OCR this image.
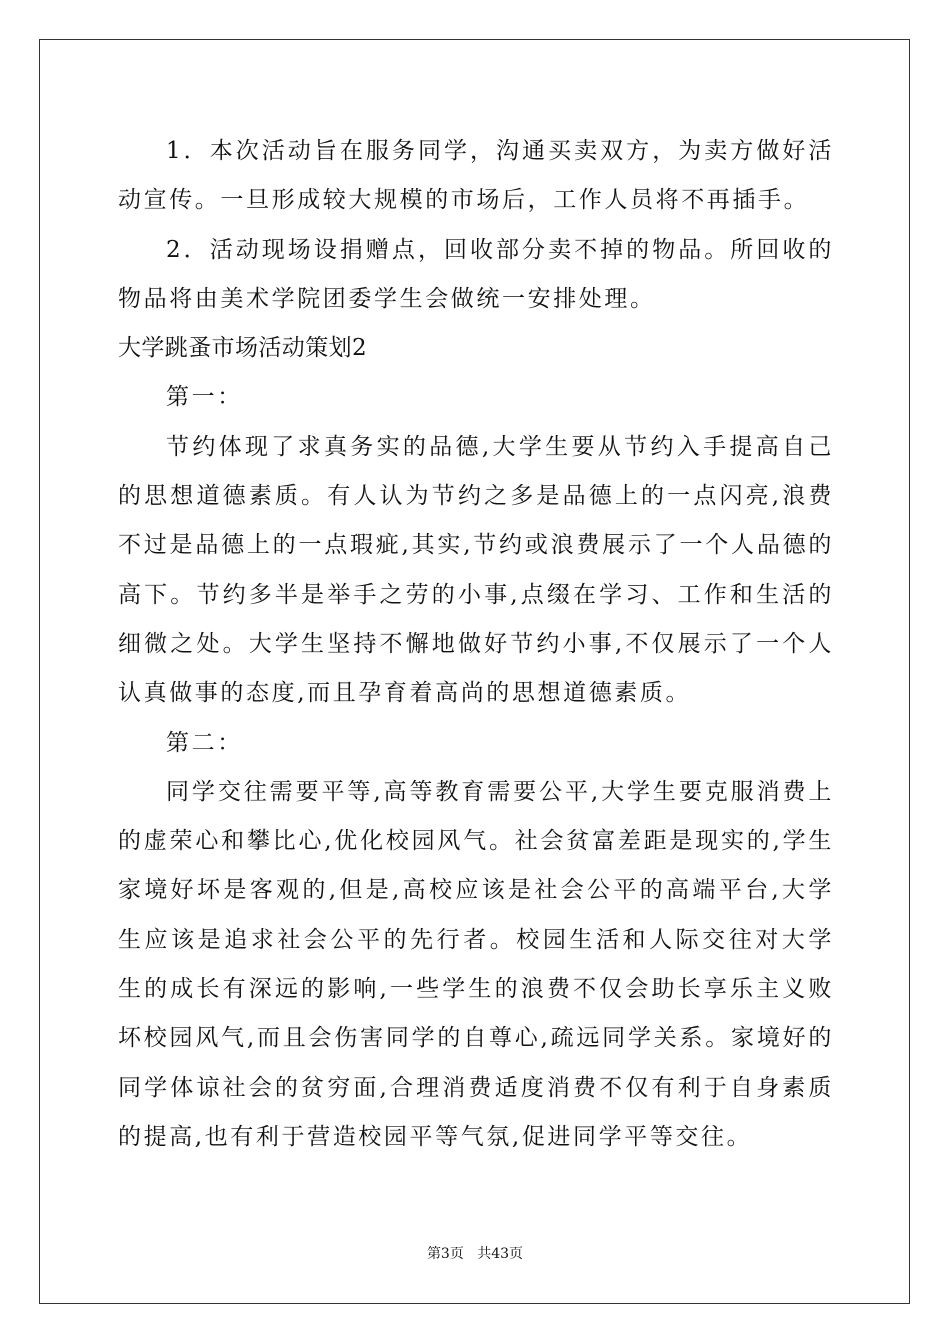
1．本次活动旨在服务同学，沟通买卖双方，为卖方做好活动宣传。一旦形成较大规模的市场后，工作人员将不再插手。

2．活动现场设捐赠点，回收部分卖不掉的物品。所回收的物品将由美术学院团委学生会做统一安排处理。

大学跳蚤市场活动策划2

第一：

节约体现了求真务实的品德,大学生要从节约入手提高自己的思想道德素质。有人认为节约之多是品德上的一点闪亮,浪费不过是品德上的一点瑕疵,其实,节约或浪费展示了一个人品德的高下。节约多半是举手之劳的小事,点缀在学习、工作和生活的细微之处。大学生坚持不懈地做好节约小事,不仅展示了一个人认真做事的态度,而且孕育着高尚的思想道德素质。

第二：

同学交往需要平等,高等教育需要公平,大学生要克服消费上的虚荣心和攀比心,优化校园风气。社会贫富差距是现实的,学生家境好坏是客观的,但是,高校应该是社会公平的高端平台,大学生应该是追求社会公平的先行者。校园生活和人际交往对大学生的成长有深远的影响,一些学生的浪费不仅会助长享乐主义败坏校园风气,而且会伤害同学的自尊心,疏远同学关系。家境好的同学体谅社会的贫穷面,合理消费适度消费不仅有利于自身素质的提高,也有利于营造校园平等气氛,促进同学平等交往。

第3页 共43页
